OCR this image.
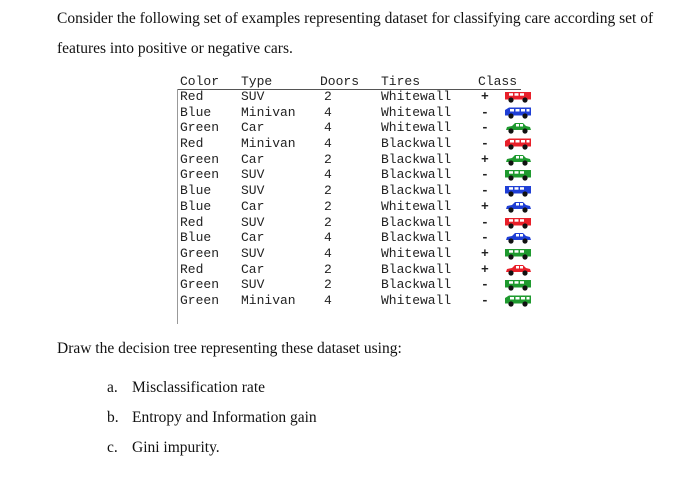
Consider the following set of examples representing dataset for classifying care according set of features into positive or negative cars.

Color Type	Doors Tires	Class
Red	SUV	2	Whitewall +
Blue Minivan 4	Whitewall -
Green Car	4	Whitewall -
Red	Minivan 4	Blackwall -
Green Car	2	Blackwall +
Green SUV	4	Blackwall -
Blue SUV	2	Blackwall -
Blue Car	2	Whitewall +
Red	SUV	2	Blackwall -
Blue Car	4	Blackwall -
Green SUV	4	Whitewall +
Red	Car	2	Blackwall +
Green SUV	2	Blackwall -
Green Minivan 4	Whitewall -

Draw the decision tree representing these dataset using:

a. Misclassification rate
b. Entropy and Information gain
c. Gini impurity.
